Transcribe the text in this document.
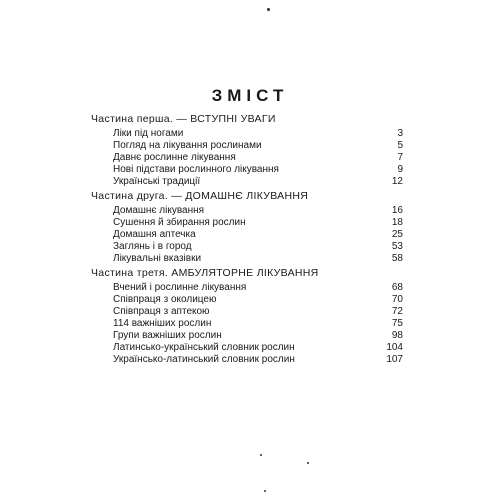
ЗМІСТ
Частина перша. — ВСТУПНІ УВАГИ
Ліки під ногами	3
Погляд на лікування рослинами	5
Давнє рослинне лікування	7
Нові підстави рослинного лікування	9
Українські традиції	12
Частина друга. — ДОМАШНЄ ЛІКУВАННЯ
Домашнє лікування	16
Сушення й збирання рослин	18
Домашня аптечка	25
Заглянь і в город	53
Лікувальні вказівки	58
Частина третя. АМБУЛЯТОРНЕ ЛІКУВАННЯ
Вчений і рослинне лікування	68
Співпраця з околицею	70
Співпраця з аптекою	72
114 важніших рослин	75
Групи важніших рослин	98
Латинсько-український словник рослин	104
Українсько-латинський словник рослин	107
